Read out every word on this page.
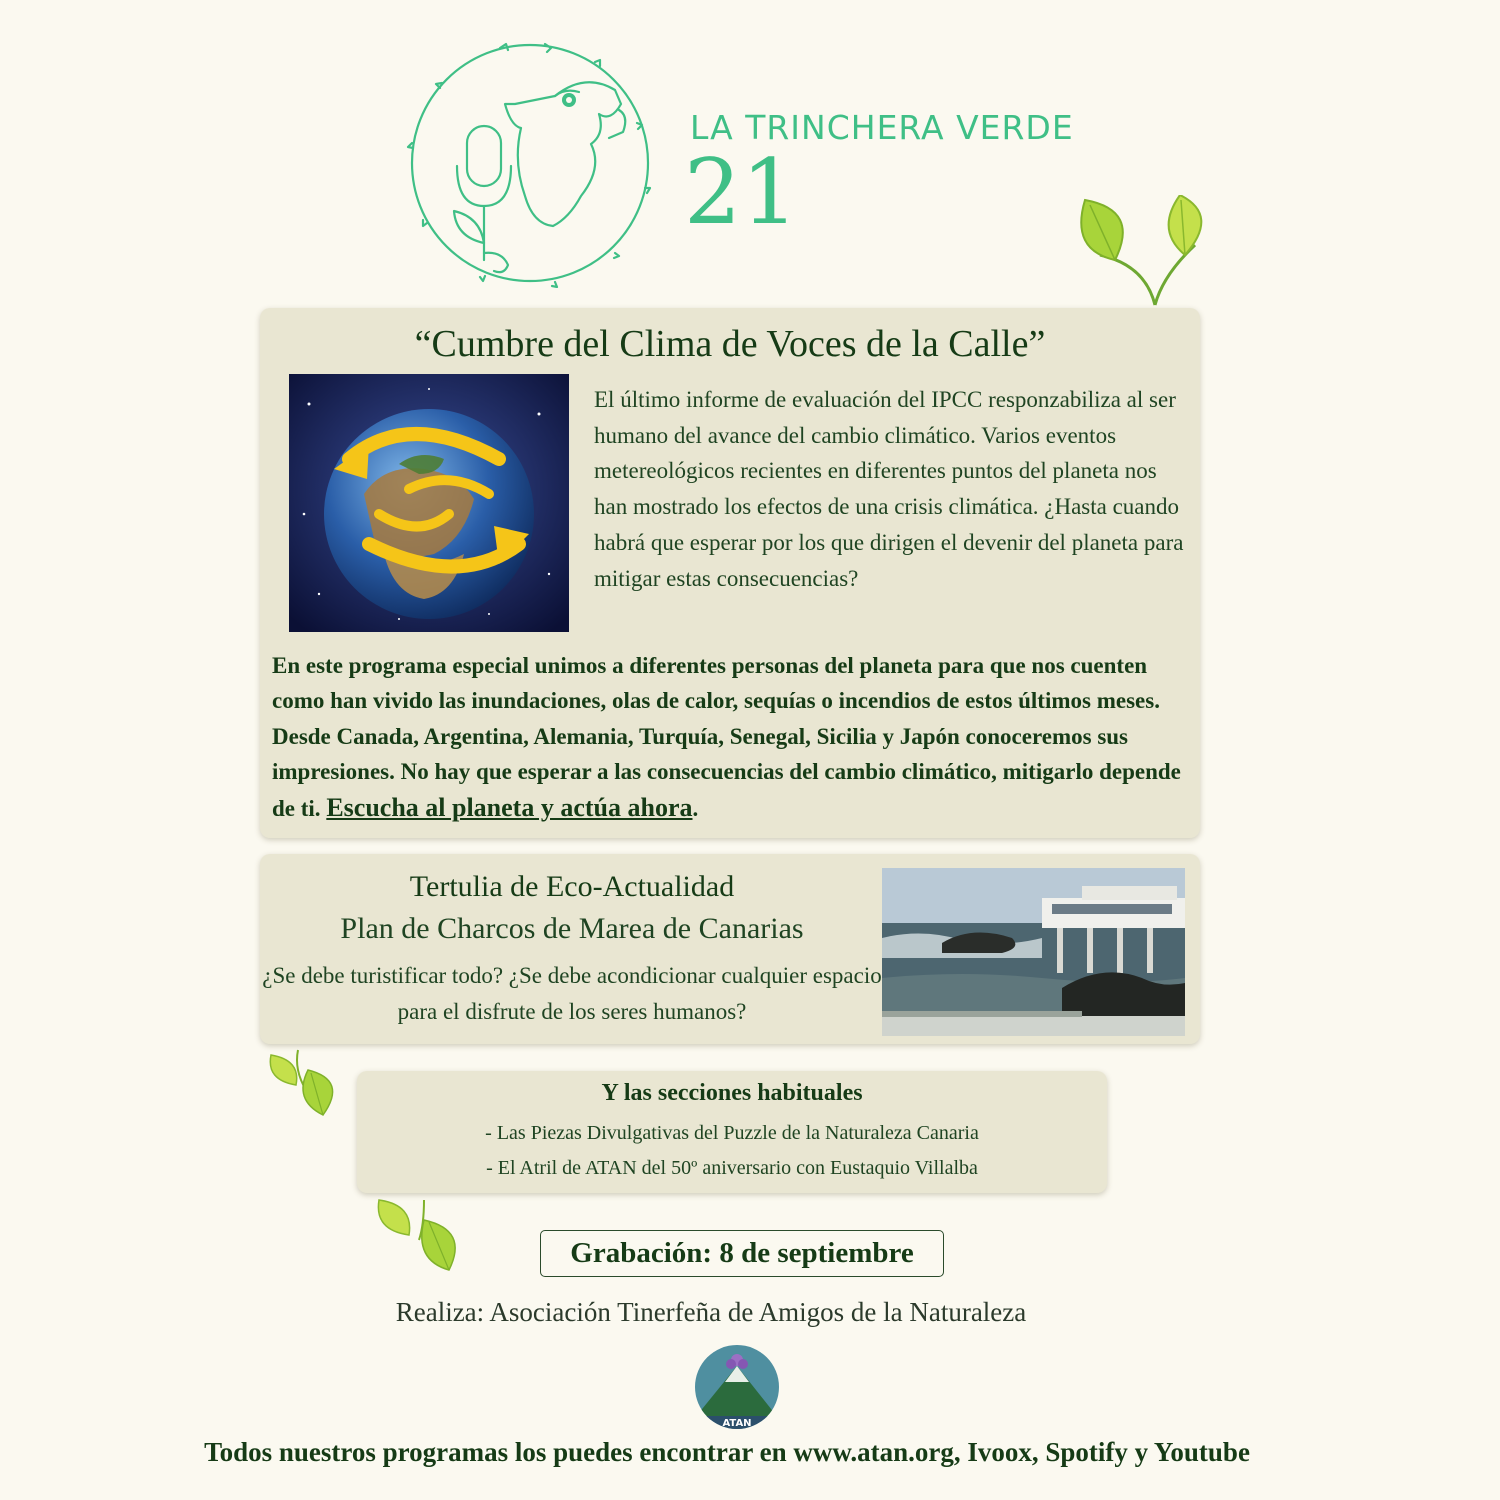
LA TRINCHERA VERDE
21
“Cumbre del Clima de Voces de la Calle”
El último informe de evaluación del IPCC responzabiliza al ser humano del avance del cambio climático. Varios eventos metereológicos recientes en diferentes puntos del planeta nos han mostrado los efectos de una crisis climática. ¿Hasta cuando habrá que esperar por los que dirigen el devenir del planeta para mitigar estas consecuencias?
En este programa especial unimos a diferentes personas del planeta para que nos cuenten como han vivido las inundaciones, olas de calor, sequías o incendios de estos últimos meses. Desde Canada, Argentina, Alemania, Turquía, Senegal, Sicilia y Japón conoceremos sus impresiones. No hay que esperar a las consecuencias del cambio climático, mitigarlo depende de ti. Escucha al planeta y actúa ahora.
Tertulia de Eco-Actualidad
Plan de Charcos de Marea de Canarias
¿Se debe turistificar todo? ¿Se debe acondicionar cualquier espacio para el disfrute de los seres humanos?
Y las secciones habituales
- Las Piezas Divulgativas del Puzzle de la Naturaleza Canaria
- El Atril de ATAN del 50º aniversario con Eustaquio Villalba
Grabación: 8 de septiembre
Realiza: Asociación Tinerfeña de Amigos de la Naturaleza
ATAN
Todos nuestros programas los puedes encontrar en www.atan.org, Ivoox, Spotify y Youtube
